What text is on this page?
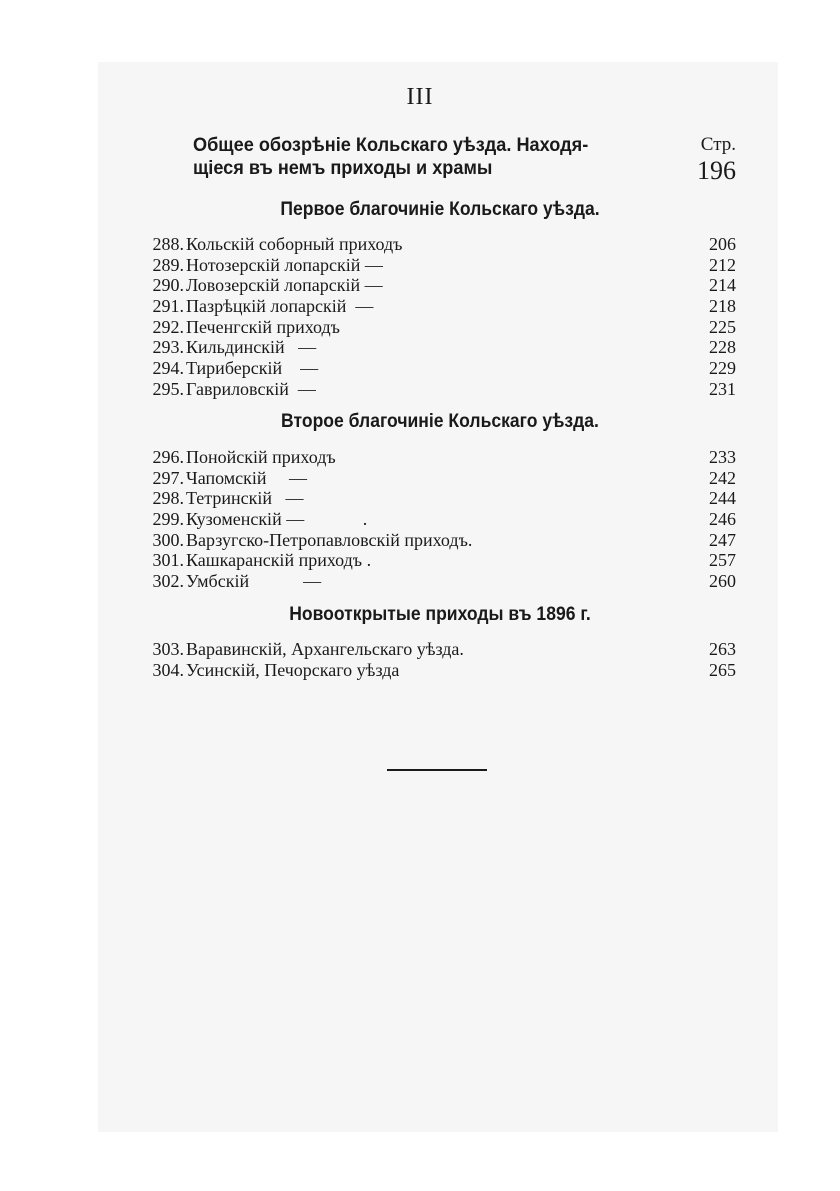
III
Общее обозрѣніе Кольскаго уѣзда. Находя-
щіеся въ немъ приходы и храмы
Стр.
196
Первое благочиніе Кольскаго уѣзда.
288. Кольскій соборный приходъ	206
289. Нотозерскій лопарскій —	212
290. Ловозерскій лопарскій —	214
291. Пазрѣцкій лопарскій  —	218
292. Печенгскій приходъ	225
293. Кильдинскій   —	228
294. Тириберскій    —	229
295. Гавриловскій  —	231
Второе благочиніе Кольскаго уѣзда.
296. Понойскій приходъ	233
297. Чапомскій     —	242
298. Тетринскій   —	244
299. Кузоменскій —             .	246
300. Варзугско-Петропавловскій приходъ.	247
301. Кашкаранскій приходъ .	257
302. Умбскій            —	260
Новооткрытые приходы въ 1896 г.
303. Варавинскій, Архангельскаго уѣзда.	263
304. Усинскій, Печорскаго уѣзда	265
